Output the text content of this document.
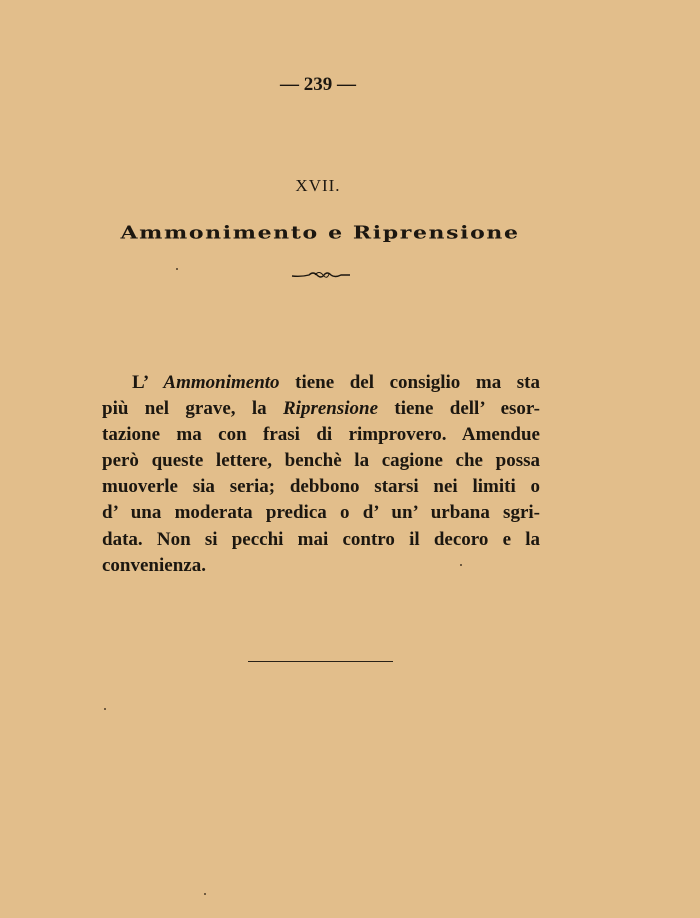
— 239 —
XVII.
Ammonimento e Riprensione
L’ Ammonimento tiene del consiglio ma sta
più nel grave, la Riprensione tiene dell’ esor-
tazione ma con frasi di rimprovero. Amendue
però queste lettere, benchè la cagione che possa
muoverle sia seria; debbono starsi nei limiti o
d’ una moderata predica o d’ un’ urbana sgri-
data. Non si pecchi mai contro il decoro e la
convenienza.
